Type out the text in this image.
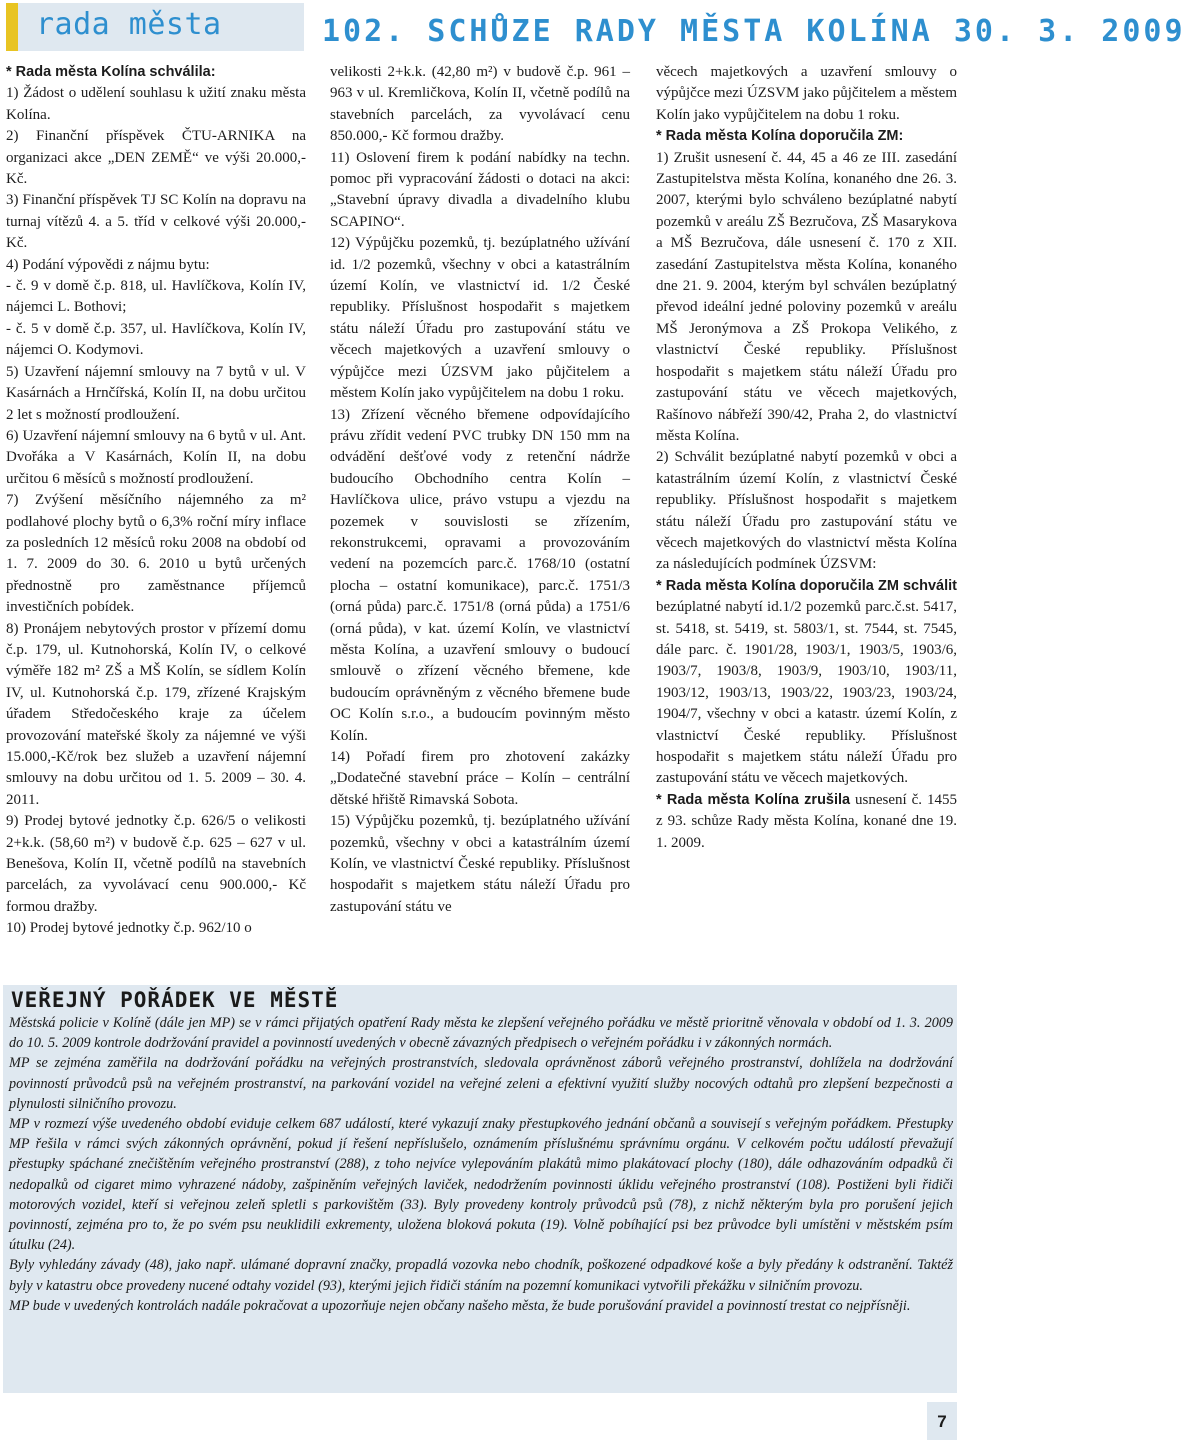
rada města	102. SCHŮZE RADY MĚSTA KOLÍNA 30. 3. 2009

* Rada města Kolína schválila:

1) Žádost o udělení souhlasu k užití znaku města Kolína.

2) Finanční příspěvek ČTU-ARNIKA na organizaci akce „DEN ZEMĚ“ ve výši 20.000,- Kč.

3) Finanční příspěvek TJ SC Kolín na dopravu na turnaj vítězů 4. a 5. tříd v celkové výši 20.000,- Kč.

4) Podání výpovědi z nájmu bytu:

- č. 9 v domě č.p. 818, ul. Havlíčkova, Kolín IV, nájemci L. Bothovi;

- č. 5 v domě č.p. 357, ul. Havlíčkova, Kolín IV, nájemci O. Kodymovi.

5) Uzavření nájemní smlouvy na 7 bytů v ul. V Kasárnách a Hrnčířská, Kolín II, na dobu určitou 2 let s možností prodloužení.

6) Uzavření nájemní smlouvy na 6 bytů v ul. Ant. Dvořáka a V Kasárnách, Kolín II, na dobu určitou 6 měsíců s možností prodloužení.

7) Zvýšení měsíčního nájemného za m² podlahové plochy bytů o 6,3% roční míry inflace za posledních 12 měsíců roku 2008 na období od 1. 7. 2009 do 30. 6. 2010 u bytů určených přednostně pro zaměstnance příjemců investičních pobídek.

8) Pronájem nebytových prostor v přízemí domu č.p. 179, ul. Kutnohorská, Kolín IV, o celkové výměře 182 m² ZŠ a MŠ Kolín, se sídlem Kolín IV, ul. Kutnohorská č.p. 179, zřízené Krajským úřadem Středočeského kraje za účelem provozování mateřské školy za nájemné ve výši 15.000,-Kč/rok bez služeb a uzavření nájemní smlouvy na dobu určitou od 1. 5. 2009 – 30. 4. 2011.

9) Prodej bytové jednotky č.p. 626/5 o velikosti 2+k.k. (58,60 m²) v budově č.p. 625 – 627 v ul. Benešova, Kolín II, včetně podílů na stavebních parcelách, za vyvolávací cenu 900.000,- Kč formou dražby.

10) Prodej bytové jednotky č.p. 962/10 o

velikosti 2+k.k. (42,80 m²) v budově č.p. 961 – 963 v ul. Kremličkova, Kolín II, včetně podílů na stavebních parcelách, za vyvolávací cenu 850.000,- Kč formou dražby.

11) Oslovení firem k podání nabídky na techn. pomoc při vypracování žádosti o dotaci na akci: „Stavební úpravy divadla a divadelního klubu SCAPINO“.

12) Výpůjčku pozemků, tj. bezúplatného užívání id. 1/2 pozemků, všechny v obci a katastrálním území Kolín, ve vlastnictví id. 1/2 České republiky. Příslušnost hospodařit s majetkem státu náleží Úřadu pro zastupování státu ve věcech majetkových a uzavření smlouvy o výpůjčce mezi ÚZSVM jako půjčitelem a městem Kolín jako vypůjčitelem na dobu 1 roku.

13) Zřízení věcného břemene odpovídajícího právu zřídit vedení PVC trubky DN 150 mm na odvádění dešťové vody z retenční nádrže budoucího Obchodního centra Kolín – Havlíčkova ulice, právo vstupu a vjezdu na pozemek v souvislosti se zřízením, rekonstrukcemi, opravami a provozováním vedení na pozemcích parc.č. 1768/10 (ostatní plocha – ostatní komunikace), parc.č. 1751/3 (orná půda) parc.č. 1751/8 (orná půda) a 1751/6 (orná půda), v kat. území Kolín, ve vlastnictví města Kolína, a uzavření smlouvy o budoucí smlouvě o zřízení věcného břemene, kde budoucím oprávněným z věcného břemene bude OC Kolín s.r.o., a budoucím povinným město Kolín.

14) Pořadí firem pro zhotovení zakázky „Dodatečné stavební práce – Kolín – centrální dětské hřiště Rimavská Sobota.

15) Výpůjčku pozemků, tj. bezúplatného užívání pozemků, všechny v obci a katastrálním území Kolín, ve vlastnictví České republiky. Příslušnost hospodařit s majetkem státu náleží Úřadu pro zastupování státu ve

věcech majetkových a uzavření smlouvy o výpůjčce mezi ÚZSVM jako půjčitelem a městem Kolín jako vypůjčitelem na dobu 1 roku.

* Rada města Kolína doporučila ZM:

1) Zrušit usnesení č. 44, 45 a 46 ze III. zasedání Zastupitelstva města Kolína, konaného dne 26. 3. 2007, kterými bylo schváleno bezúplatné nabytí pozemků v areálu ZŠ Bezručova, ZŠ Masarykova a MŠ Bezručova, dále usnesení č. 170 z XII. zasedání Zastupitelstva města Kolína, konaného dne 21. 9. 2004, kterým byl schválen bezúplatný převod ideální jedné poloviny pozemků v areálu MŠ Jeronýmova a ZŠ Prokopa Velikého, z vlastnictví České republiky. Příslušnost hospodařit s majetkem státu náleží Úřadu pro zastupování státu ve věcech majetkových, Rašínovo nábřeží 390/42, Praha 2, do vlastnictví města Kolína.

2) Schválit bezúplatné nabytí pozemků v obci a katastrálním území Kolín, z vlastnictví České republiky. Příslušnost hospodařit s majetkem státu náleží Úřadu pro zastupování státu ve věcech majetkových do vlastnictví města Kolína za následujících podmínek ÚZSVM:

* Rada města Kolína doporučila ZM schválit bezúplatné nabytí id.1/2 pozemků parc.č.st. 5417, st. 5418, st. 5419, st. 5803/1, st. 7544, st. 7545, dále parc. č. 1901/28, 1903/1, 1903/5, 1903/6, 1903/7, 1903/8, 1903/9, 1903/10, 1903/11, 1903/12, 1903/13, 1903/22, 1903/23, 1903/24, 1904/7, všechny v obci a katastr. území Kolín, z vlastnictví České republiky. Příslušnost hospodařit s majetkem státu náleží Úřadu pro zastupování státu ve věcech majetkových.

* Rada města Kolína zrušila usnesení č. 1455 z 93. schůze Rady města Kolína, konané dne 19. 1. 2009.

VEŘEJNÝ POŘÁDEK VE MĚSTĚ

Městská policie v Kolíně (dále jen MP) se v rámci přijatých opatření Rady města ke zlepšení veřejného pořádku ve městě prioritně věnovala v období od 1. 3. 2009 do 10. 5. 2009 kontrole dodržování pravidel a povinností uvedených v obecně závazných předpisech o veřejném pořádku i v zákonných normách.

MP se zejména zaměřila na dodržování pořádku na veřejných prostranstvích, sledovala oprávněnost záborů veřejného prostranství, dohlížela na dodržování povinností průvodců psů na veřejném prostranství, na parkování vozidel na veřejné zeleni a efektivní využití služby nocových odtahů pro zlepšení bezpečnosti a plynulosti silničního provozu.

MP v rozmezí výše uvedeného období eviduje celkem 687 událostí, které vykazují znaky přestupkového jednání občanů a souvisejí s veřejným pořádkem. Přestupky MP řešila v rámci svých zákonných oprávnění, pokud jí řešení nepříslušelo, oznámením příslušnému správnímu orgánu. V celkovém počtu událostí převažují přestupky spáchané znečištěním veřejného prostranství (288), z toho nejvíce vylepováním plakátů mimo plakátovací plochy (180), dále odhazováním odpadků či nedopalků od cigaret mimo vyhrazené nádoby, zašpiněním veřejných laviček, nedodržením povinnosti úklidu veřejného prostranství (108). Postiženi byli řidiči motorových vozidel, kteří si veřejnou zeleň spletli s parkovištěm (33). Byly provedeny kontroly průvodců psů (78), z nichž některým byla pro porušení jejich povinností, zejména pro to, že po svém psu neuklidili exkrementy, uložena bloková pokuta (19). Volně pobíhající psi bez průvodce byli umístěni v městském psím útulku (24).

Byly vyhledány závady (48), jako např. ulámané dopravní značky, propadlá vozovka nebo chodník, poškozené odpadkové koše a byly předány k odstranění. Taktéž byly v katastru obce provedeny nucené odtahy vozidel (93), kterými jejich řidiči stáním na pozemní komunikaci vytvořili překážku v silničním provozu.

MP bude v uvedených kontrolách nadále pokračovat a upozorňuje nejen občany našeho města, že bude porušování pravidel a povinností trestat co nejpřísněji.

7
